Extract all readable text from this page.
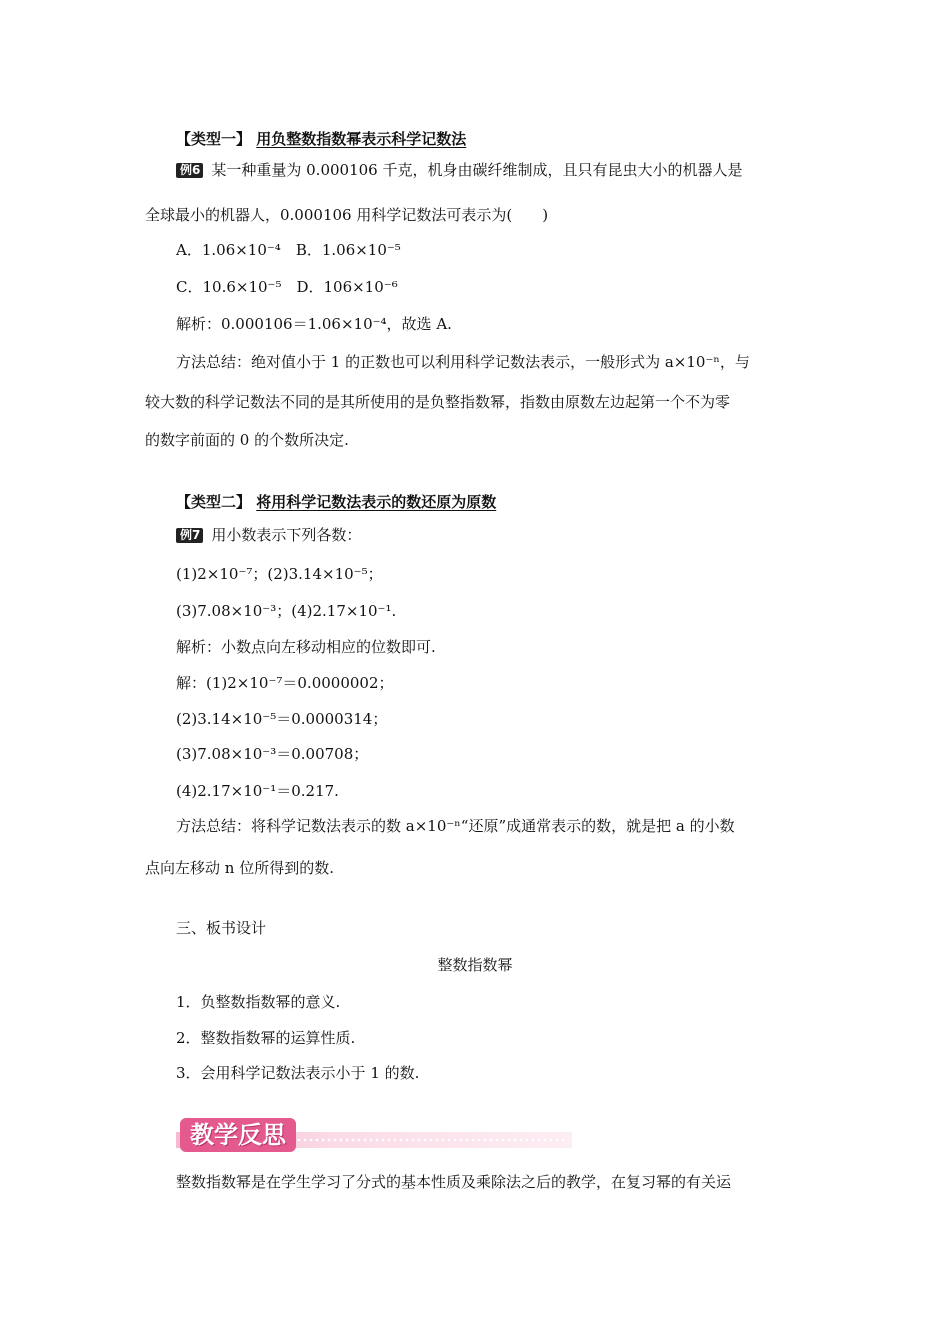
【类型一】 用负整数指数幂表示科学记数法
例6 某一种重量为 0.000106 千克，机身由碳纤维制成，且只有昆虫大小的机器人是
全球最小的机器人，0.000106 用科学记数法可表示为(　　)
A．1.06×10⁻⁴　B．1.06×10⁻⁵
C．10.6×10⁻⁵　D．106×10⁻⁶
解析：0.000106＝1.06×10⁻⁴，故选 A.
方法总结：绝对值小于 1 的正数也可以利用科学记数法表示，一般形式为 a×10⁻ⁿ，与
较大数的科学记数法不同的是其所使用的是负整指数幂，指数由原数左边起第一个不为零
的数字前面的 0 的个数所决定.
【类型二】 将用科学记数法表示的数还原为原数
例7 用小数表示下列各数：
(1)2×10⁻⁷；(2)3.14×10⁻⁵；
(3)7.08×10⁻³；(4)2.17×10⁻¹.
解析：小数点向左移动相应的位数即可.
解：(1)2×10⁻⁷＝0.0000002；
(2)3.14×10⁻⁵＝0.0000314；
(3)7.08×10⁻³＝0.00708；
(4)2.17×10⁻¹＝0.217.
方法总结：将科学记数法表示的数 a×10⁻ⁿ“还原”成通常表示的数，就是把 a 的小数
点向左移动 n 位所得到的数.
三、板书设计
整数指数幂
1．负整数指数幂的意义.
2．整数指数幂的运算性质.
3．会用科学记数法表示小于 1 的数.
教学反思
整数指数幂是在学生学习了分式的基本性质及乘除法之后的教学，在复习幂的有关运
